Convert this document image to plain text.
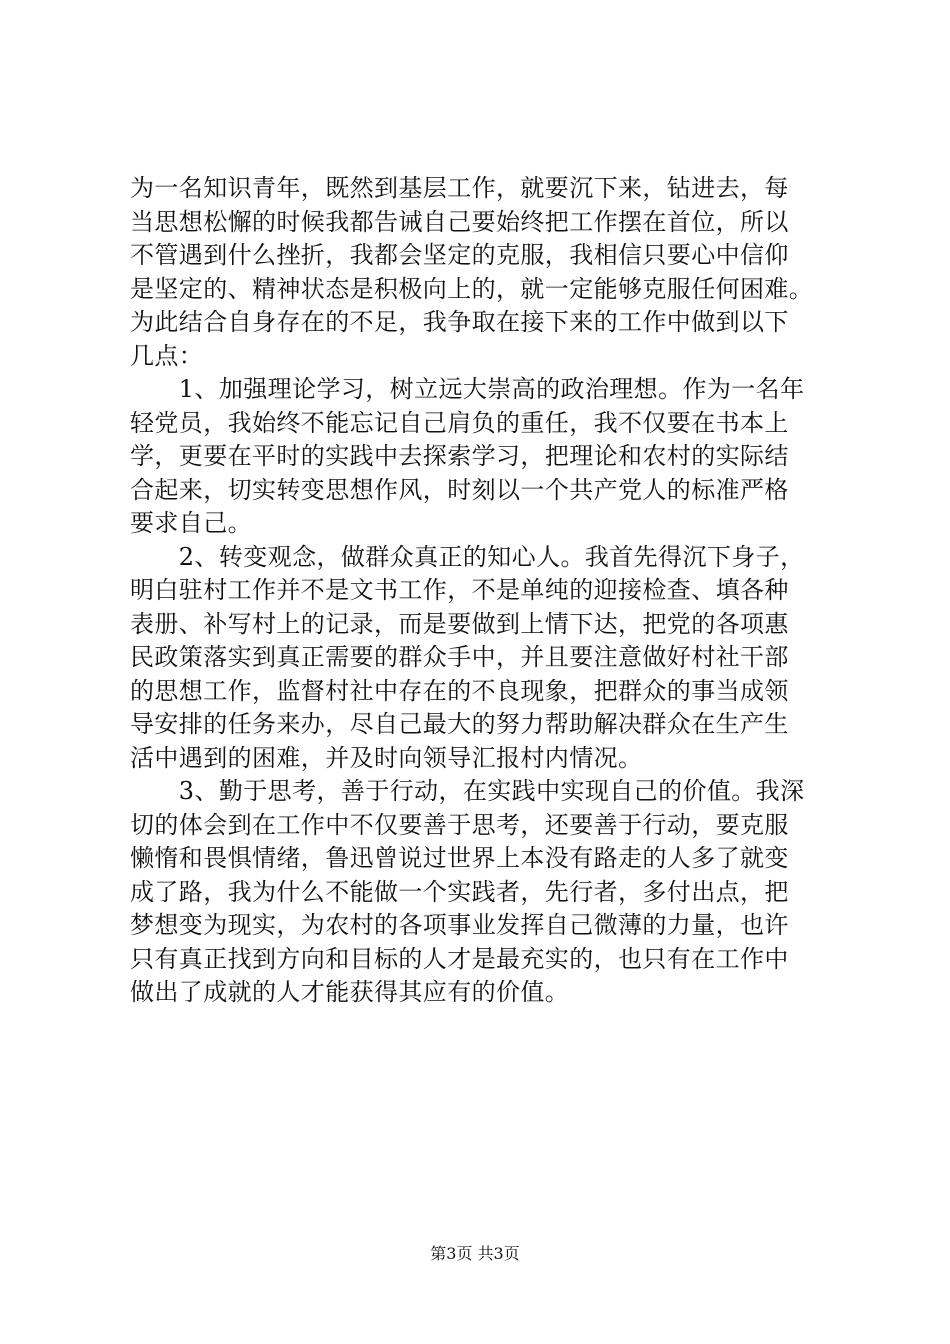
为一名知识青年，既然到基层工作，就要沉下来，钻进去，每
当思想松懈的时候我都告诫自己要始终把工作摆在首位，所以
不管遇到什么挫折，我都会坚定的克服，我相信只要心中信仰
是坚定的、精神状态是积极向上的，就一定能够克服任何困难。
为此结合自身存在的不足，我争取在接下来的工作中做到以下
几点：
　　1、加强理论学习，树立远大崇高的政治理想。作为一名年
轻党员，我始终不能忘记自己肩负的重任，我不仅要在书本上
学，更要在平时的实践中去探索学习，把理论和农村的实际结
合起来，切实转变思想作风，时刻以一个共产党人的标准严格
要求自己。
　　2、转变观念，做群众真正的知心人。我首先得沉下身子，
明白驻村工作并不是文书工作，不是单纯的迎接检查、填各种
表册、补写村上的记录，而是要做到上情下达，把党的各项惠
民政策落实到真正需要的群众手中，并且要注意做好村社干部
的思想工作，监督村社中存在的不良现象，把群众的事当成领
导安排的任务来办，尽自己最大的努力帮助解决群众在生产生
活中遇到的困难，并及时向领导汇报村内情况。
　　3、勤于思考，善于行动，在实践中实现自己的价值。我深
切的体会到在工作中不仅要善于思考，还要善于行动，要克服
懒惰和畏惧情绪，鲁迅曾说过世界上本没有路走的人多了就变
成了路，我为什么不能做一个实践者，先行者，多付出点，把
梦想变为现实，为农村的各项事业发挥自己微薄的力量，也许
只有真正找到方向和目标的人才是最充实的，也只有在工作中
做出了成就的人才能获得其应有的价值。
第3页 共3页
